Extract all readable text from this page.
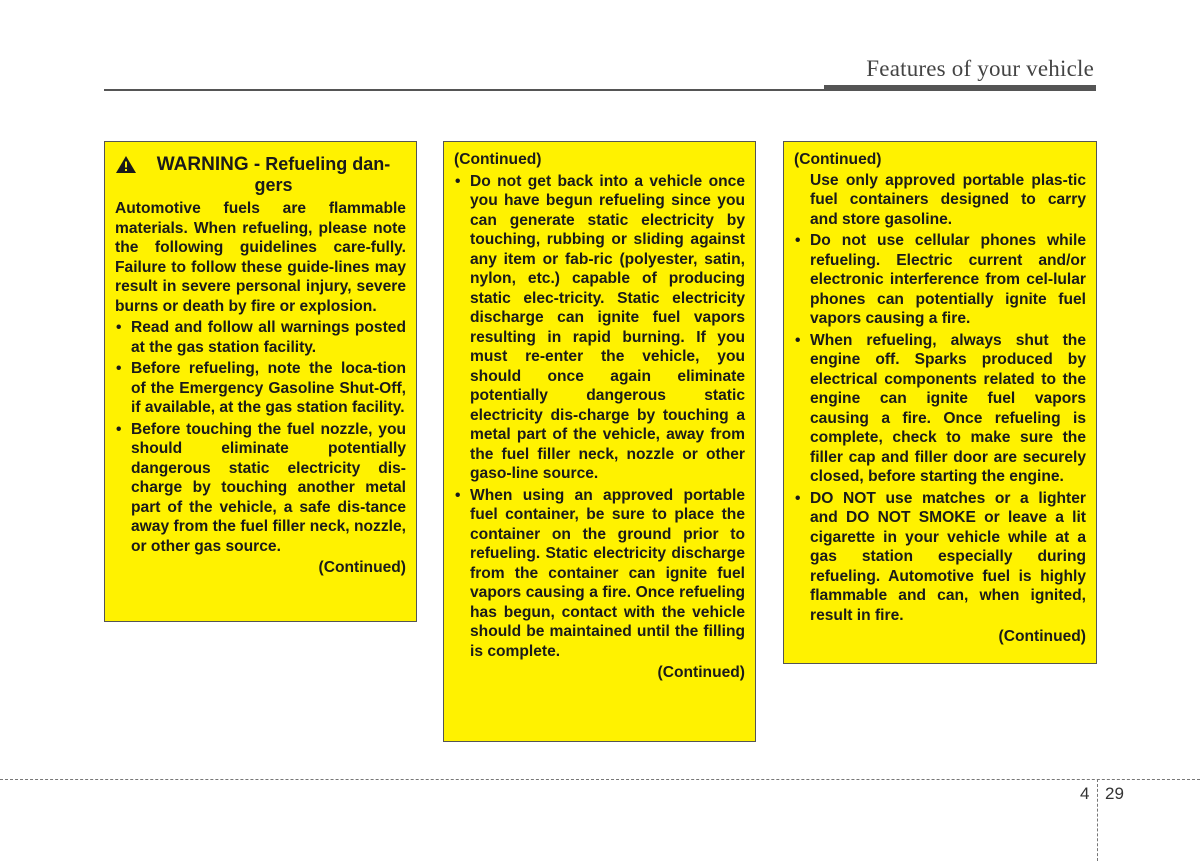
Features of your vehicle
WARNING - Refueling dan-gers

Automotive fuels are flammable materials. When refueling, please note the following guidelines care-fully. Failure to follow these guide-lines may result in severe personal injury, severe burns or death by fire or explosion.

• Read and follow all warnings posted at the gas station facility.
• Before refueling, note the loca-tion of the Emergency Gasoline Shut-Off, if available, at the gas station facility.
• Before touching the fuel nozzle, you should eliminate potentially dangerous static electricity dis-charge by touching another metal part of the vehicle, a safe dis-tance away from the fuel filler neck, nozzle, or other gas source.
(Continued)
(Continued)
• Do not get back into a vehicle once you have begun refueling since you can generate static electricity by touching, rubbing or sliding against any item or fab-ric (polyester, satin, nylon, etc.) capable of producing static elec-tricity. Static electricity discharge can ignite fuel vapors resulting in rapid burning. If you must re-enter the vehicle, you should once again eliminate potentially dangerous static electricity dis-charge by touching a metal part of the vehicle, away from the fuel filler neck, nozzle or other gaso-line source.
• When using an approved portable fuel container, be sure to place the container on the ground prior to refueling. Static electricity discharge from the container can ignite fuel vapors causing a fire. Once refueling has begun, contact with the vehicle should be maintained until the filling is complete.
(Continued)
(Continued)

Use only approved portable plas-tic fuel containers designed to carry and store gasoline.

• Do not use cellular phones while refueling. Electric current and/or electronic interference from cel-lular phones can potentially ignite fuel vapors causing a fire.
• When refueling, always shut the engine off. Sparks produced by electrical components related to the engine can ignite fuel vapors causing a fire. Once refueling is complete, check to make sure the filler cap and filler door are securely closed, before starting the engine.
• DO NOT use matches or a lighter and DO NOT SMOKE or leave a lit cigarette in your vehicle while at a gas station especially during refueling. Automotive fuel is highly flammable and can, when ignited, result in fire.
(Continued)
4 29
